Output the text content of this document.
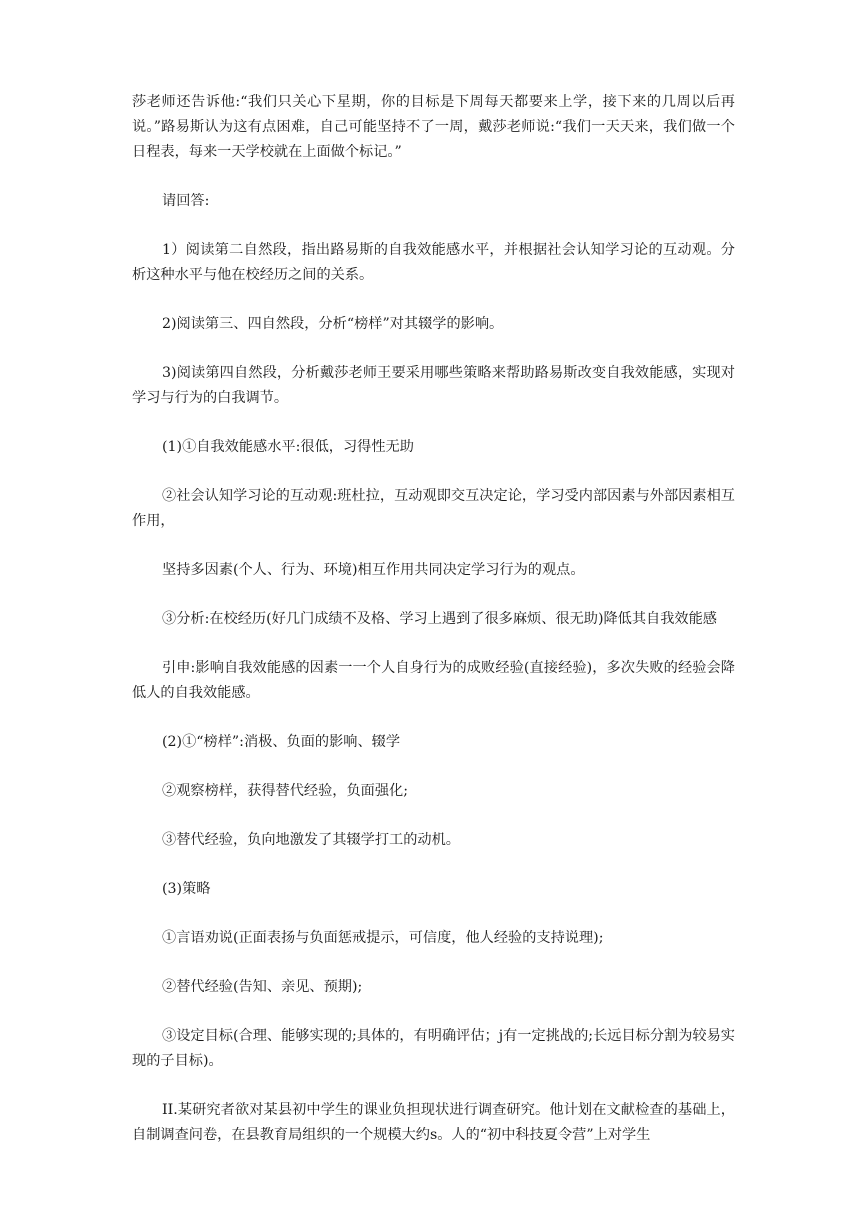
莎老师还告诉他:“我们只关心下星期，你的目标是下周每天都要来上学，接下来的几周以后再说。”路易斯认为这有点困难，自己可能坚持不了一周，戴莎老师说:“我们一天天来，我们做一个日程表，每来一天学校就在上面做个标记。”

请回答:

1）阅读第二自然段，指出路易斯的自我效能感水平，并根据社会认知学习论的互动观。分析这种水平与他在校经历之间的关系。

2)阅读第三、四自然段，分析“榜样”对其辍学的影响。

3)阅读第四自然段，分析戴莎老师王要采用哪些策略来帮助路易斯改变自我效能感，实现对学习与行为的白我调节。

(1)①自我效能感水平:很低，习得性无助

②社会认知学习论的互动观:班杜拉，互动观即交互决定论，学习受内部因素与外部因素相互作用，

坚持多因素(个人、行为、环境)相互作用共同决定学习行为的观点。

③分析:在校经历(好几门成绩不及格、学习上遇到了很多麻烦、很无助)降低其自我效能感

引申:影响自我效能感的因素一一个人自身行为的成败经验(直接经验)，多次失败的经验会降低人的自我效能感。

(2)①“榜样”:消极、负面的影响、辍学

②观察榜样，获得替代经验，负面强化;

③替代经验，负向地激发了其辍学打工的动机。

(3)策略

①言语劝说(正面表扬与负面惩戒提示，可信度，他人经验的支持说理);

②替代经验(告知、亲见、预期);

③设定目标(合理、能够实现的;具体的，有明确评估；j有一定挑战的;长远目标分割为较易实现的子目标)。

II.某研究者欲对某县初中学生的课业负担现状进行调查研究。他计划在文献检查的基础上，自制调查问卷，在县教育局组织的一个规模大约s。人的“初中科技夏令营”上对学生
